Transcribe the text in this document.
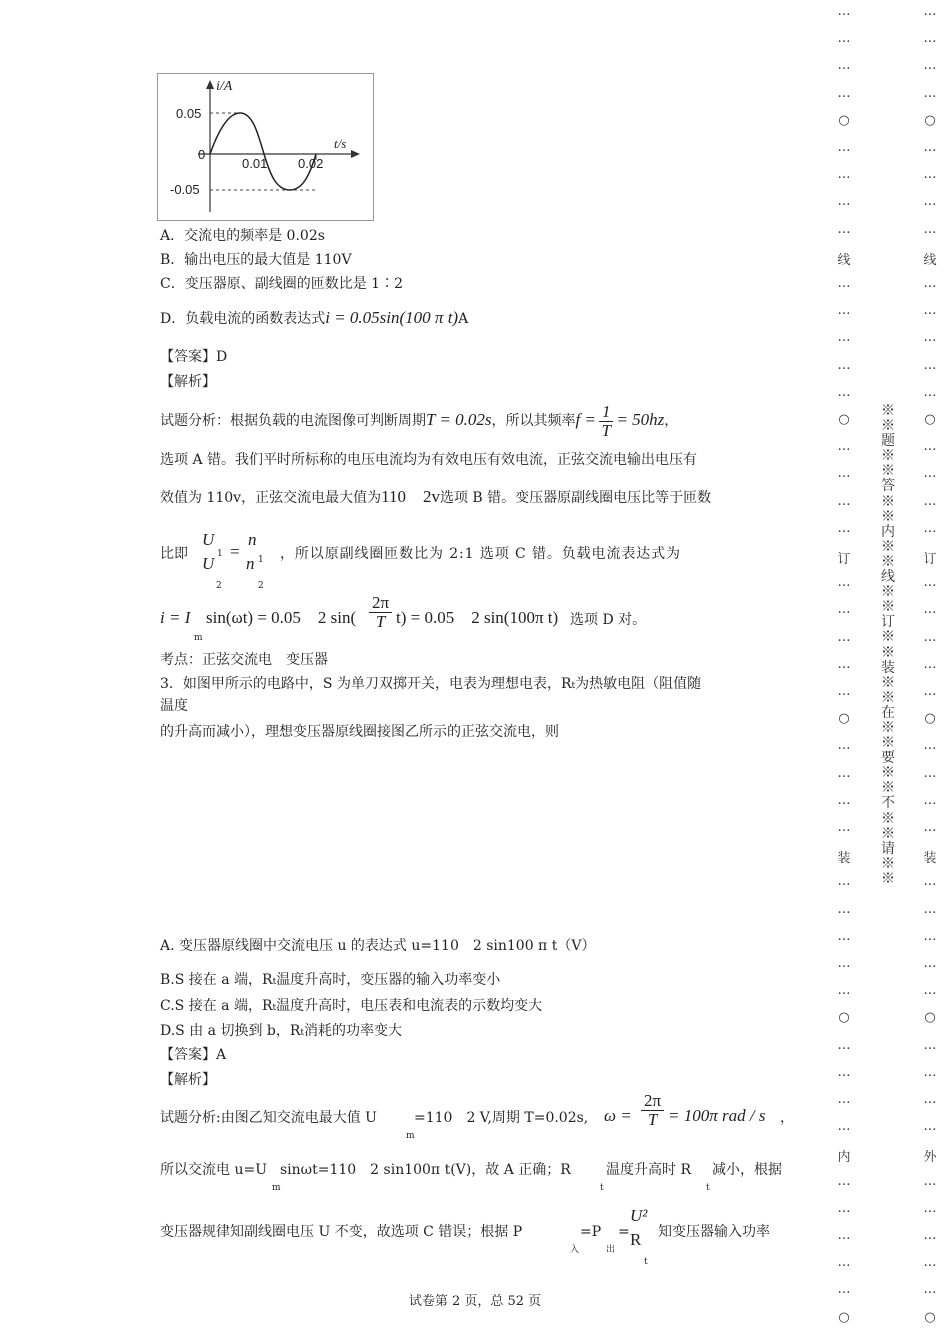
i/A
t/s
0.05
-0.05
0
0.01 0.02
A．交流电的频率是 0.02s
B．输出电压的最大值是 110V
C．变压器原、副线圈的匝数比是 1∶2
D．负载电流的函数表达式i = 0.05sin(100 π t)A
【答案】D
【解析】
试题分析：根据负载的电流图像可判断周期T = 0.02s，所以其频率$f = \frac{1}{T} = 50hz$，
选项 A 错。我们平时所标称的电压电流均为有效电压有效电流，正弦交流电输出电压有
效值为 110v，正弦交流电最大值为110　2v选项 B 错。变压器原副线圈电压比等于匝数
比即
U
1
U
2
=
n
1
n
2
，所以原副线圈匝数比为 2:1 选项 C 错。负载电流表达式为
i = I
m
sin(ωt) = 0.05　2 $\sin( \frac{2\pi}{T} t) = 0.05$　2 sin(100π t) 选项 D 对。
考点：正弦交流电　变压器
3．如图甲所示的电路中，S 为单刀双掷开关，电表为理想电表，Rt为热敏电阻（阻值随
温度
的升高而减小），理想变压器原线圈接图乙所示的正弦交流电，则
A. 变压器原线圈中交流电压 u 的表达式 u=110　2 sin100 π t（V）
B.S 接在 a 端，Rt温度升高时，变压器的输入功率变小
C.S 接在 a 端，Rt温度升高时，电压表和电流表的示数均变大
D.S 由 a 切换到 b，Rt消耗的功率变大
【答案】A
【解析】
试题分析:由图乙知交流电最大值 U
m
=110　2 V,周期 T=0.02s, $\omega = \frac{2\pi}{T} = 100\pi$ rad / s ，
所以交流电 u=U
m
sinωt=110　2 sin100π t(V)，故 A 正确；R
t
温度升高时 R
t
减小，根据
变压器规律知副线圈电压 U 不变，故选项 C 错误；根据 P
入
=P
出
=
U²
R
t
知变压器输入功率
…
…
…
…
○
…
…
…
…
线
…
…
…
…
…
○
…
…
…
…
订
…
…
…
…
…
○
…
…
…
…
装
…
…
…
…
…
○
…
…
…
…
内
…
…
…
…
…
○
…
…
…
…
○
…
…
…
…
线
…
…
…
…
…
○
…
…
…
…
订
…
…
…
…
…
○
…
…
…
…
装
…
…
…
…
…
○
…
…
…
…
外
…
…
…
…
…
○
※※题※※答※※内※※线※※订※※装※※在※※要※※不※※请※※
试卷第 2 页，总 52 页
